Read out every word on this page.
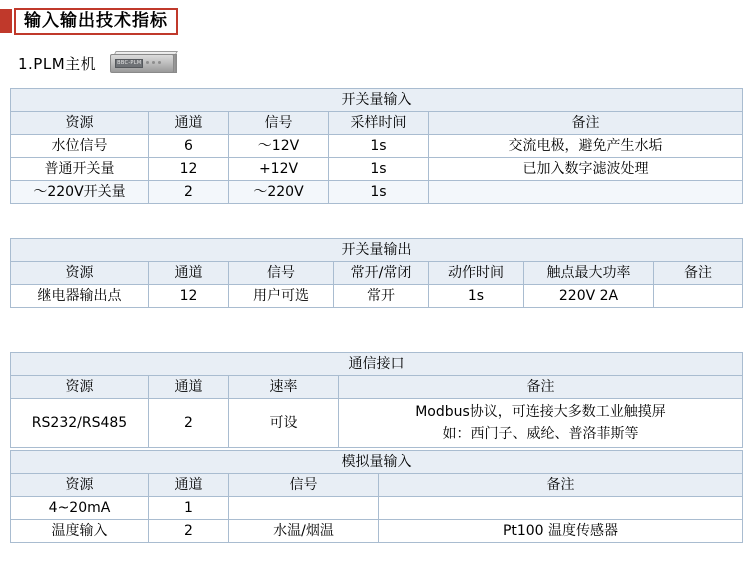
输入输出技术指标
1.PLM主机	BBC-PLM
开关量输入				
资源	通道	信号	采样时间	备注
水位信号	6	～12V	1s	交流电极，避免产生水垢
普通开关量	12	+12V	1s	已加入数字滤波处理
～220V开关量	2	～220V	1s	
开关量输出						
资源	通道	信号	常开/常闭	动作时间	触点最大功率	备注
继电器输出点	12	用户可选	常开	1s	220V 2A	
通信接口			
资源	通道	速率	备注
RS232/RS485	2	可设	Modbus协议，可连接大多数工业触摸屏
如：西门子、威纶、普洛菲斯等
模拟量输入			
资源	通道	信号	备注
4~20mA	1		
温度输入	2	水温/烟温	Pt100 温度传感器
